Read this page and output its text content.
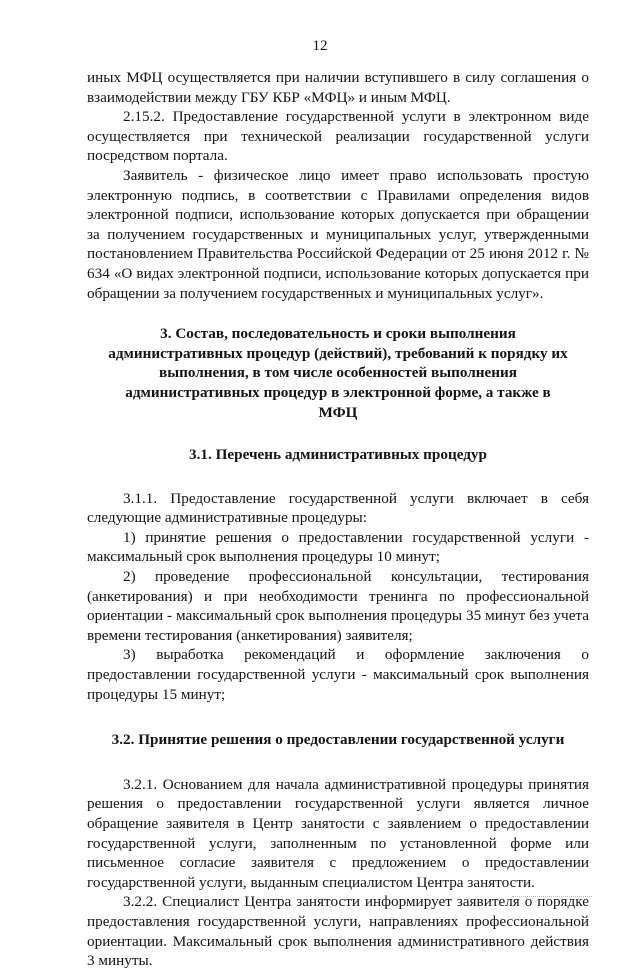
12

иных МФЦ осуществляется при наличии вступившего в силу соглашения о взаимодействии между ГБУ КБР «МФЦ» и иным МФЦ.

2.15.2. Предоставление государственной услуги в электронном виде осуществляется при технической реализации государственной услуги посредством портала.

Заявитель - физическое лицо имеет право использовать простую электронную подпись, в соответствии с Правилами определения видов электронной подписи, использование которых допускается при обращении за получением государственных и муниципальных услуг, утвержденными постановлением Правительства Российской Федерации от 25 июня 2012 г. № 634 «О видах электронной подписи, использование которых допускается при обращении за получением государственных и муниципальных услуг».

3. Состав, последовательность и сроки выполнения административных процедур (действий), требований к порядку их выполнения, в том числе особенностей выполнения административных процедур в электронной форме, а также в МФЦ
3.1. Перечень административных процедур

3.1.1. Предоставление государственной услуги включает в себя следующие административные процедуры:

1) принятие решения о предоставлении государственной услуги - максимальный срок выполнения процедуры 10 минут;

2) проведение профессиональной консультации, тестирования (анкетирования) и при необходимости тренинга по профессиональной ориентации - максимальный срок выполнения процедуры 35 минут без учета времени тестирования (анкетирования) заявителя;

3) выработка рекомендаций и оформление заключения о предоставлении государственной услуги - максимальный срок выполнения процедуры 15 минут;

3.2. Принятие решения о предоставлении государственной услуги

3.2.1. Основанием для начала административной процедуры принятия решения о предоставлении государственной услуги является личное обращение заявителя в Центр занятости с заявлением о предоставлении государственной услуги, заполненным по установленной форме или письменное согласие заявителя с предложением о предоставлении государственной услуги, выданным специалистом Центра занятости.

3.2.2. Специалист Центра занятости информирует заявителя о порядке предоставления государственной услуги, направлениях профессиональной ориентации. Максимальный срок выполнения административного действия 3 минуты.
